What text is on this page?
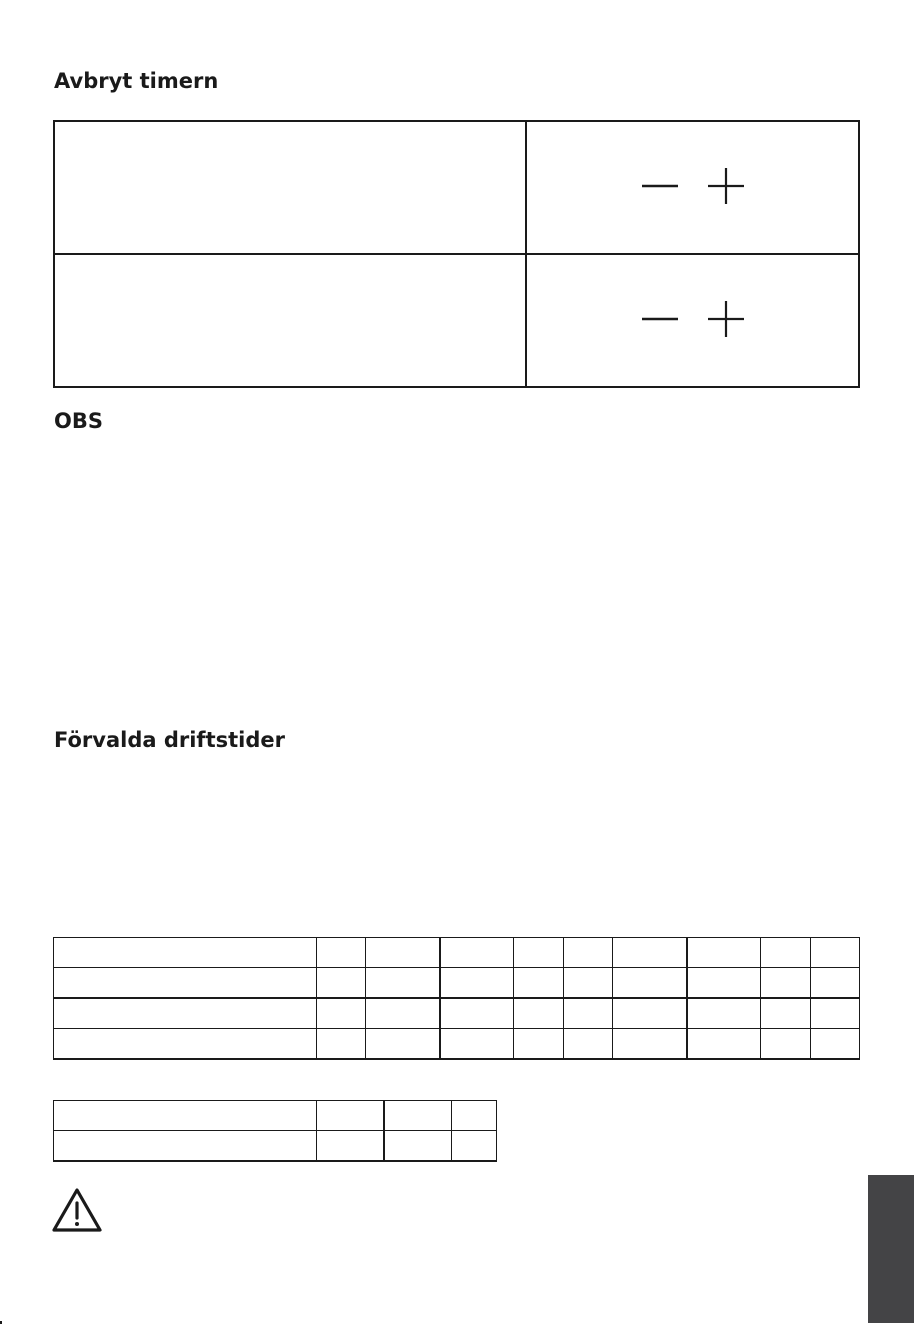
Avbryt timern

OBS
Förvalda driftstider
